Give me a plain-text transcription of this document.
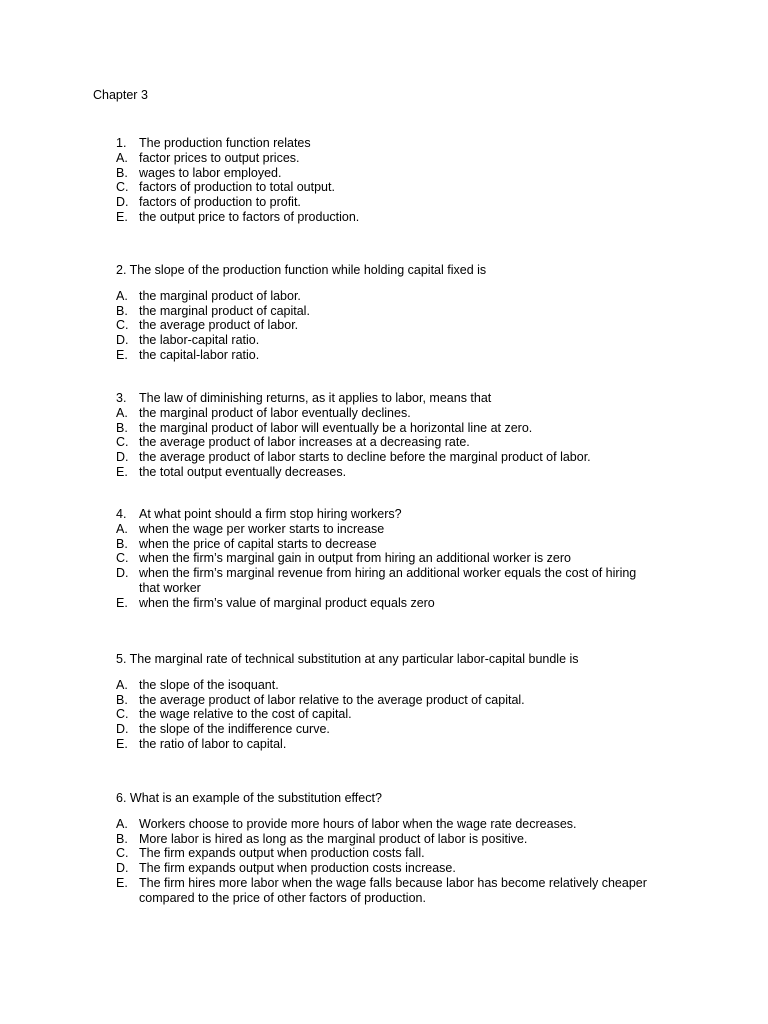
Chapter 3
1.	The production function relates
A. factor prices to output prices.
B. wages to labor employed.
C. factors of production to total output.
D. factors of production to profit.
E. the output price to factors of production.
2. The slope of the production function while holding capital fixed is
A. the marginal product of labor.
B. the marginal product of capital.
C. the average product of labor.
D. the labor-capital ratio.
E. the capital-labor ratio.
3.	The law of diminishing returns, as it applies to labor, means that
A. the marginal product of labor eventually declines.
B. the marginal product of labor will eventually be a horizontal line at zero.
C. the average product of labor increases at a decreasing rate.
D. the average product of labor starts to decline before the marginal product of labor.
E. the total output eventually decreases.
4.	At what point should a firm stop hiring workers?
A. when the wage per worker starts to increase
B. when the price of capital starts to decrease
C. when the firm’s marginal gain in output from hiring an additional worker is zero
D. when the firm’s marginal revenue from hiring an additional worker equals the cost of hiring that worker
E. when the firm’s value of marginal product equals zero
5. The marginal rate of technical substitution at any particular labor-capital bundle is
A. the slope of the isoquant.
B. the average product of labor relative to the average product of capital.
C. the wage relative to the cost of capital.
D. the slope of the indifference curve.
E. the ratio of labor to capital.
6. What is an example of the substitution effect?
A. Workers choose to provide more hours of labor when the wage rate decreases.
B. More labor is hired as long as the marginal product of labor is positive.
C. The firm expands output when production costs fall.
D. The firm expands output when production costs increase.
E. The firm hires more labor when the wage falls because labor has become relatively cheaper compared to the price of other factors of production.
